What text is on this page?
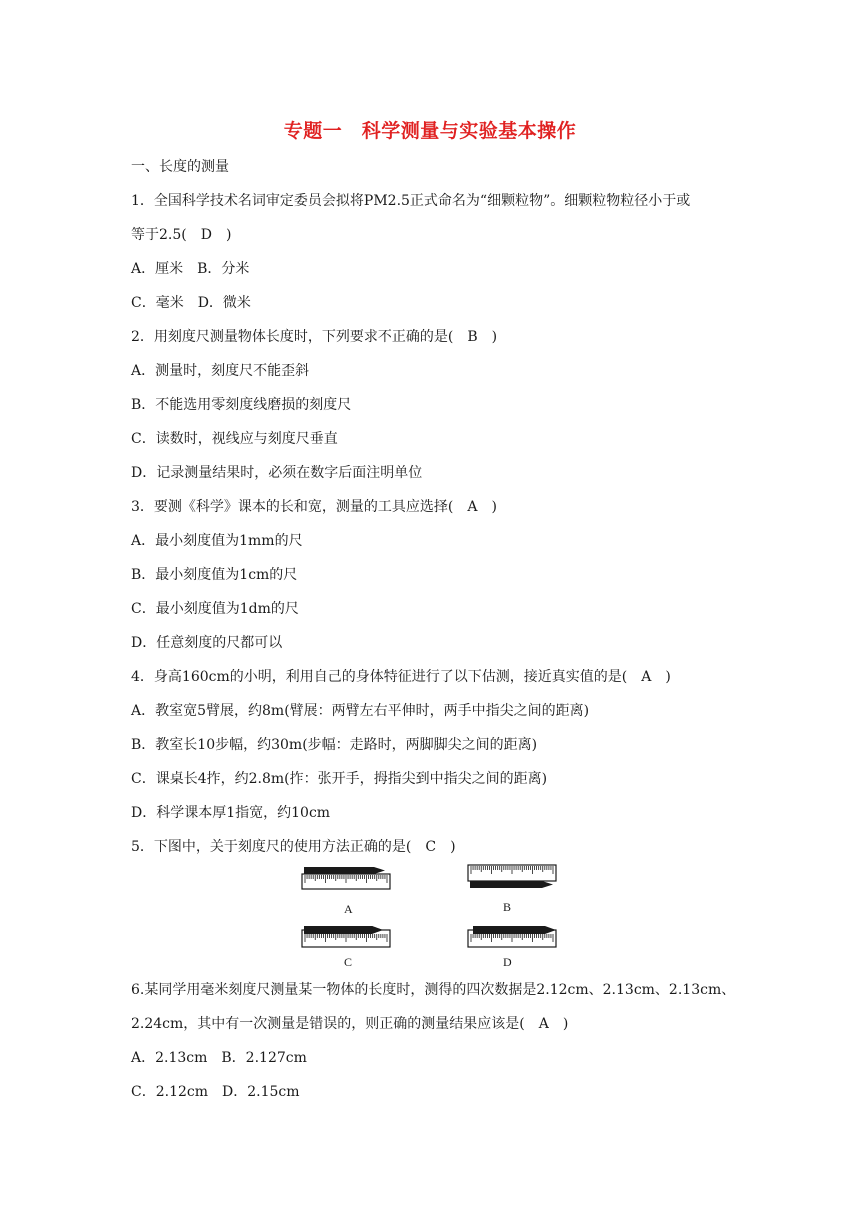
专题一　科学测量与实验基本操作
一、长度的测量
1．全国科学技术名词审定委员会拟将PM2.5正式命名为“细颗粒物”。细颗粒物粒径小于或
等于2.5(　D　)
A．厘米　B．分米
C．毫米　D．微米
2．用刻度尺测量物体长度时，下列要求不正确的是(　B　)
A．测量时，刻度尺不能歪斜
B．不能选用零刻度线磨损的刻度尺
C．读数时，视线应与刻度尺垂直
D．记录测量结果时，必须在数字后面注明单位
3．要测《科学》课本的长和宽，测量的工具应选择(　A　)
A．最小刻度值为1mm的尺
B．最小刻度值为1cm的尺
C．最小刻度值为1dm的尺
D．任意刻度的尺都可以
4．身高160cm的小明，利用自己的身体特征进行了以下估测，接近真实值的是(　A　)
A．教室宽5臂展，约8m(臂展：两臂左右平伸时，两手中指尖之间的距离)
B．教室长10步幅，约30m(步幅：走路时，两脚脚尖之间的距离)
C．课桌长4拃，约2.8m(拃：张开手，拇指尖到中指尖之间的距离)
D．科学课本厚1指宽，约10cm
5．下图中，关于刻度尺的使用方法正确的是(　C　)
A	B
C	D
6.某同学用毫米刻度尺测量某一物体的长度时，测得的四次数据是2.12cm、2.13cm、2.13cm、
2.24cm，其中有一次测量是错误的，则正确的测量结果应该是(　A　)
A．2.13cm　B．2.127cm
C．2.12cm　D．2.15cm
